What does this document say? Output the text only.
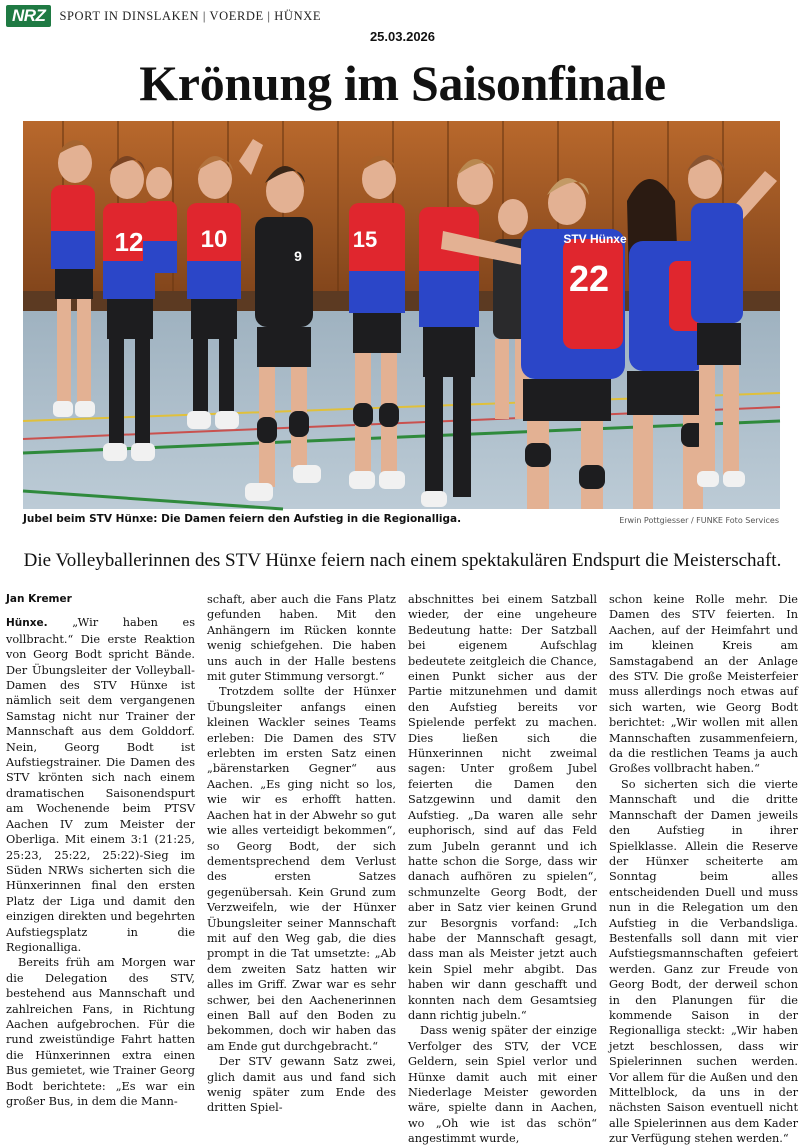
NRZ	SPORT IN DINSLAKEN | VOERDE | HÜNXE
25.03.2026
Krönung im Saisonfinale
12 10
9
15	STV Hünxe
22
Jubel beim STV Hünxe: Die Damen feiern den Aufstieg in die Regionalliga.	Erwin Pottgiesser / FUNKE Foto Services
Die Volleyballerinnen des STV Hünxe feiern nach einem spektakulären Endspurt die Meisterschaft.
Jan Kremer

Hünxe. „Wir haben es vollbracht.“ Die erste Reaktion von Georg Bodt spricht Bände. Der Übungsleiter der Volleyball-Damen des STV Hünxe ist nämlich seit dem vergangenen Samstag nicht nur Trainer der Mannschaft aus dem Golddorf. Nein, Georg Bodt ist Aufstiegstrainer. Die Damen des STV krönten sich nach einem dramatischen Saisonendspurt am Wochenende beim PTSV Aachen IV zum Meister der Oberliga. Mit einem 3:1 (21:25, 25:23, 25:22, 25:22)-Sieg im Süden NRWs sicherten sich die Hünxerinnen final den ersten Platz der Liga und damit den einzigen direkten und begehrten Aufstiegsplatz in die Regionalliga.

Bereits früh am Morgen war die Delegation des STV, bestehend aus Mannschaft und zahlreichen Fans, in Richtung Aachen aufgebrochen. Für die rund zweistündige Fahrt hatten die Hünxerinnen extra einen Bus gemietet, wie Trainer Georg Bodt berichtete: „Es war ein großer Bus, in dem die Mann-

schaft, aber auch die Fans Platz gefunden haben. Mit den Anhängern im Rücken konnte wenig schiefgehen. Die haben uns auch in der Halle bestens mit guter Stimmung versorgt.“

Trotzdem sollte der Hünxer Übungsleiter anfangs einen kleinen Wackler seines Teams erleben: Die Damen des STV erlebten im ersten Satz einen „bärenstarken Gegner“ aus Aachen. „Es ging nicht so los, wie wir es erhofft hatten. Aachen hat in der Abwehr so gut wie alles verteidigt bekommen“, so Georg Bodt, der sich dementsprechend dem Verlust des ersten Satzes gegenübersah. Kein Grund zum Verzweifeln, wie der Hünxer Übungsleiter seiner Mannschaft mit auf den Weg gab, die dies prompt in die Tat umsetzte: „Ab dem zweiten Satz hatten wir alles im Griff. Zwar war es sehr schwer, bei den Aachenerinnen einen Ball auf den Boden zu bekommen, doch wir haben das am Ende gut durchgebracht.“

Der STV gewann Satz zwei, glich damit aus und fand sich wenig später zum Ende des dritten Spiel-

abschnittes bei einem Satzball wieder, der eine ungeheure Bedeutung hatte: Der Satzball bei eigenem Aufschlag bedeutete zeitgleich die Chance, einen Punkt sicher aus der Partie mitzunehmen und damit den Aufstieg bereits vor Spielende perfekt zu machen. Dies ließen sich die Hünxerinnen nicht zweimal sagen: Unter großem Jubel feierten die Damen den Satzgewinn und damit den Aufstieg. „Da waren alle sehr euphorisch, sind auf das Feld zum Jubeln gerannt und ich hatte schon die Sorge, dass wir danach aufhören zu spielen“, schmunzelte Georg Bodt, der aber in Satz vier keinen Grund zur Besorgnis vorfand: „Ich habe der Mannschaft gesagt, dass man als Meister jetzt auch kein Spiel mehr abgibt. Das haben wir dann geschafft und konnten nach dem Gesamtsieg dann richtig jubeln.“

Dass wenig später der einzige Verfolger des STV, der VCE Geldern, sein Spiel verlor und Hünxe damit auch mit einer Niederlage Meister geworden wäre, spielte dann in Aachen, wo „Oh wie ist das schön“ angestimmt wurde,

schon keine Rolle mehr. Die Damen des STV feierten. In Aachen, auf der Heimfahrt und im kleinen Kreis am Samstagabend an der Anlage des STV. Die große Meisterfeier muss allerdings noch etwas auf sich warten, wie Georg Bodt berichtet: „Wir wollen mit allen Mannschaften zusammenfeiern, da die restlichen Teams ja auch Großes vollbracht haben.“

So sicherten sich die vierte Mannschaft und die dritte Mannschaft der Damen jeweils den Aufstieg in ihrer Spielklasse. Allein die Reserve der Hünxer scheiterte am Sonntag beim alles entscheidenden Duell und muss nun in die Relegation um den Aufstieg in die Verbandsliga. Bestenfalls soll dann mit vier Aufstiegsmannschaften gefeiert werden. Ganz zur Freude von Georg Bodt, der derweil schon in den Planungen für die kommende Saison in der Regionalliga steckt: „Wir haben jetzt beschlossen, dass wir Spielerinnen suchen werden. Vor allem für die Außen und den Mittelblock, da uns in der nächsten Saison eventuell nicht alle Spielerinnen aus dem Kader zur Verfügung stehen werden.“
